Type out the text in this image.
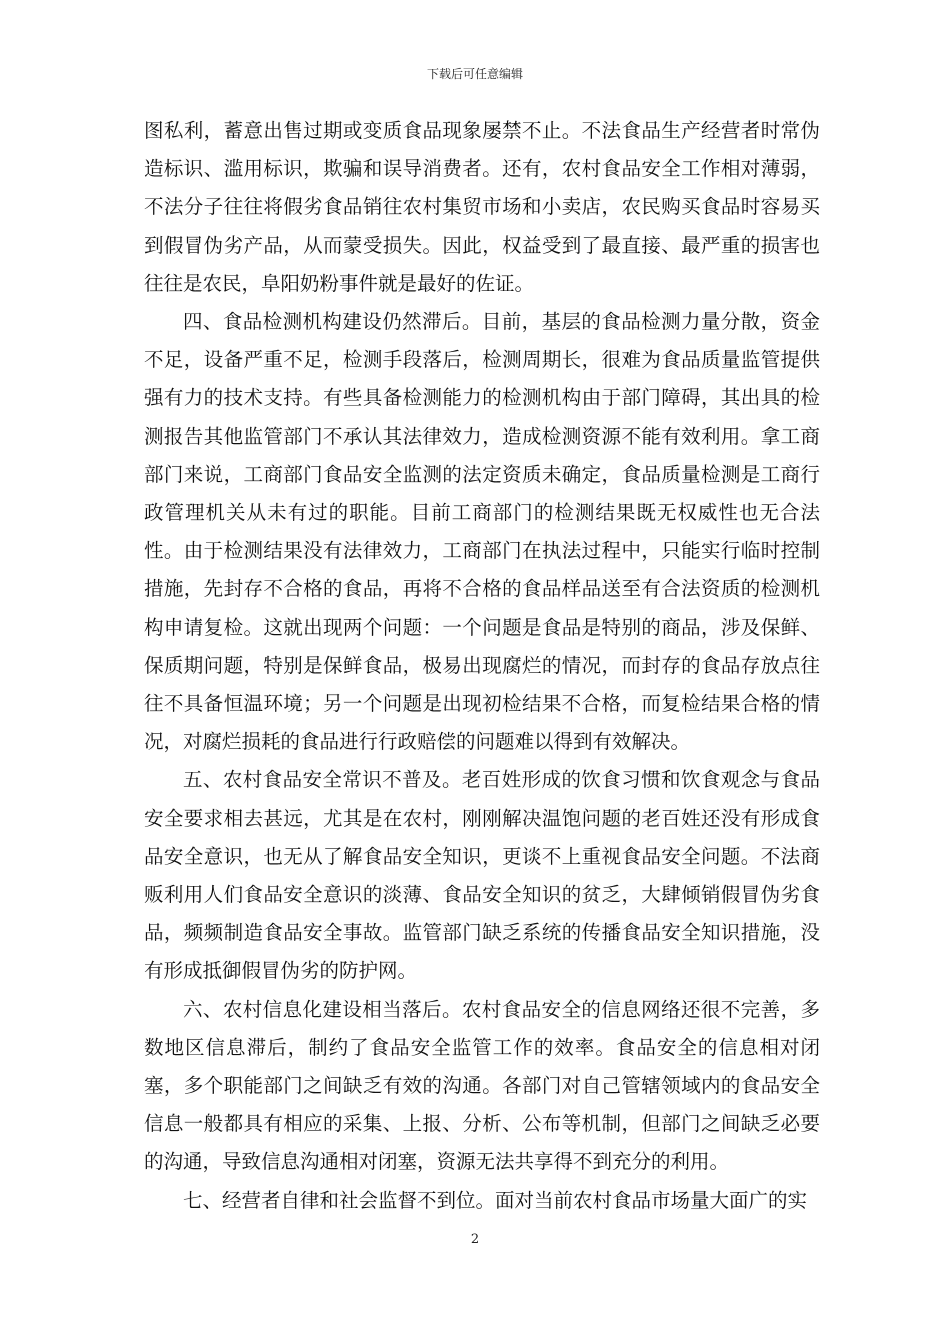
下载后可任意编辑

图私利，蓄意出售过期或变质食品现象屡禁不止。不法食品生产经营者时常伪造标识、滥用标识，欺骗和误导消费者。还有，农村食品安全工作相对薄弱，不法分子往往将假劣食品销往农村集贸市场和小卖店，农民购买食品时容易买到假冒伪劣产品，从而蒙受损失。因此，权益受到了最直接、最严重的损害也往往是农民，阜阳奶粉事件就是最好的佐证。

四、食品检测机构建设仍然滞后。目前，基层的食品检测力量分散，资金不足，设备严重不足，检测手段落后，检测周期长，很难为食品质量监管提供强有力的技术支持。有些具备检测能力的检测机构由于部门障碍，其出具的检测报告其他监管部门不承认其法律效力，造成检测资源不能有效利用。拿工商部门来说，工商部门食品安全监测的法定资质未确定，食品质量检测是工商行政管理机关从未有过的职能。目前工商部门的检测结果既无权威性也无合法性。由于检测结果没有法律效力，工商部门在执法过程中，只能实行临时控制措施，先封存不合格的食品，再将不合格的食品样品送至有合法资质的检测机构申请复检。这就出现两个问题：一个问题是食品是特别的商品，涉及保鲜、保质期问题，特别是保鲜食品，极易出现腐烂的情况，而封存的食品存放点往往不具备恒温环境；另一个问题是出现初检结果不合格，而复检结果合格的情况，对腐烂损耗的食品进行行政赔偿的问题难以得到有效解决。

五、农村食品安全常识不普及。老百姓形成的饮食习惯和饮食观念与食品安全要求相去甚远，尤其是在农村，刚刚解决温饱问题的老百姓还没有形成食品安全意识，也无从了解食品安全知识，更谈不上重视食品安全问题。不法商贩利用人们食品安全意识的淡薄、食品安全知识的贫乏，大肆倾销假冒伪劣食品，频频制造食品安全事故。监管部门缺乏系统的传播食品安全知识措施，没有形成抵御假冒伪劣的防护网。

六、农村信息化建设相当落后。农村食品安全的信息网络还很不完善，多数地区信息滞后，制约了食品安全监管工作的效率。食品安全的信息相对闭塞，多个职能部门之间缺乏有效的沟通。各部门对自己管辖领域内的食品安全信息一般都具有相应的采集、上报、分析、公布等机制，但部门之间缺乏必要的沟通，导致信息沟通相对闭塞，资源无法共享得不到充分的利用。

七、经营者自律和社会监督不到位。面对当前农村食品市场量大面广的实

2
